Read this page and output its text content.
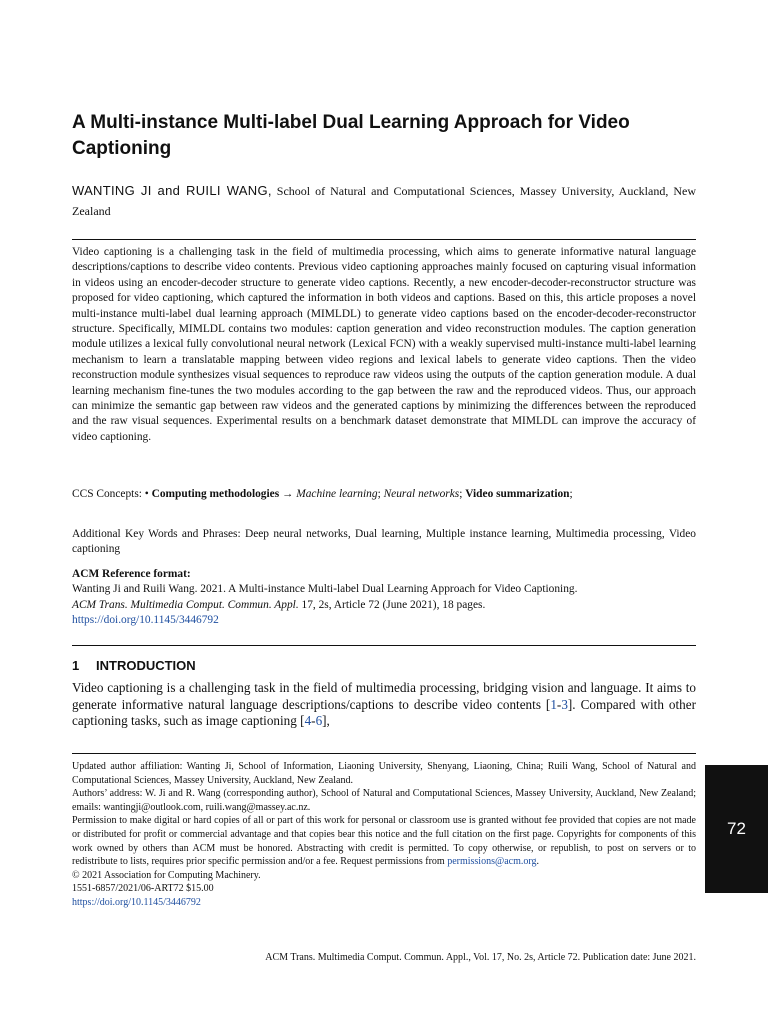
A Multi-instance Multi-label Dual Learning Approach for Video Captioning
WANTING JI and RUILI WANG, School of Natural and Computational Sciences, Massey University, Auckland, New Zealand

Video captioning is a challenging task in the field of multimedia processing, which aims to generate informative natural language descriptions/captions to describe video contents. Previous video captioning approaches mainly focused on capturing visual information in videos using an encoder-decoder structure to generate video captions. Recently, a new encoder-decoder-reconstructor structure was proposed for video captioning, which captured the information in both videos and captions. Based on this, this article proposes a novel multi-instance multi-label dual learning approach (MIMLDL) to generate video captions based on the encoder-decoder-reconstructor structure. Specifically, MIMLDL contains two modules: caption generation and video reconstruction modules. The caption generation module utilizes a lexical fully convolutional neural network (Lexical FCN) with a weakly supervised multi-instance multi-label learning mechanism to learn a translatable mapping between video regions and lexical labels to generate video captions. Then the video reconstruction module synthesizes visual sequences to reproduce raw videos using the outputs of the caption generation module. A dual learning mechanism fine-tunes the two modules according to the gap between the raw and the reproduced videos. Thus, our approach can minimize the semantic gap between raw videos and the generated captions by minimizing the differences between the reproduced and the raw visual sequences. Experimental results on a benchmark dataset demonstrate that MIMLDL can improve the accuracy of video captioning.

CCS Concepts: • Computing methodologies → Machine learning; Neural networks; Video summarization;

Additional Key Words and Phrases: Deep neural networks, Dual learning, Multiple instance learning, Multimedia processing, Video captioning

ACM Reference format:
Wanting Ji and Ruili Wang. 2021. A Multi-instance Multi-label Dual Learning Approach for Video Captioning.
ACM Trans. Multimedia Comput. Commun. Appl. 17, 2s, Article 72 (June 2021), 18 pages.
https://doi.org/10.1145/3446792
1 INTRODUCTION

Video captioning is a challenging task in the field of multimedia processing, bridging vision and language. It aims to generate informative natural language descriptions/captions to describe video contents [1-3]. Compared with other captioning tasks, such as image captioning [4-6],

Updated author affiliation: Wanting Ji, School of Information, Liaoning University, Shenyang, Liaoning, China; Ruili Wang, School of Natural and Computational Sciences, Massey University, Auckland, New Zealand.

Authors’ address: W. Ji and R. Wang (corresponding author), School of Natural and Computational Sciences, Massey University, Auckland, New Zealand; emails: wantingji@outlook.com, ruili.wang@massey.ac.nz.

Permission to make digital or hard copies of all or part of this work for personal or classroom use is granted without fee provided that copies are not made or distributed for profit or commercial advantage and that copies bear this notice and the full citation on the first page. Copyrights for components of this work owned by others than ACM must be honored. Abstracting with credit is permitted. To copy otherwise, or republish, to post on servers or to redistribute to lists, requires prior specific permission and/or a fee. Request permissions from permissions@acm.org.

© 2021 Association for Computing Machinery.

1551-6857/2021/06-ART72 $15.00

https://doi.org/10.1145/3446792

ACM Trans. Multimedia Comput. Commun. Appl., Vol. 17, No. 2s, Article 72. Publication date: June 2021.
72
